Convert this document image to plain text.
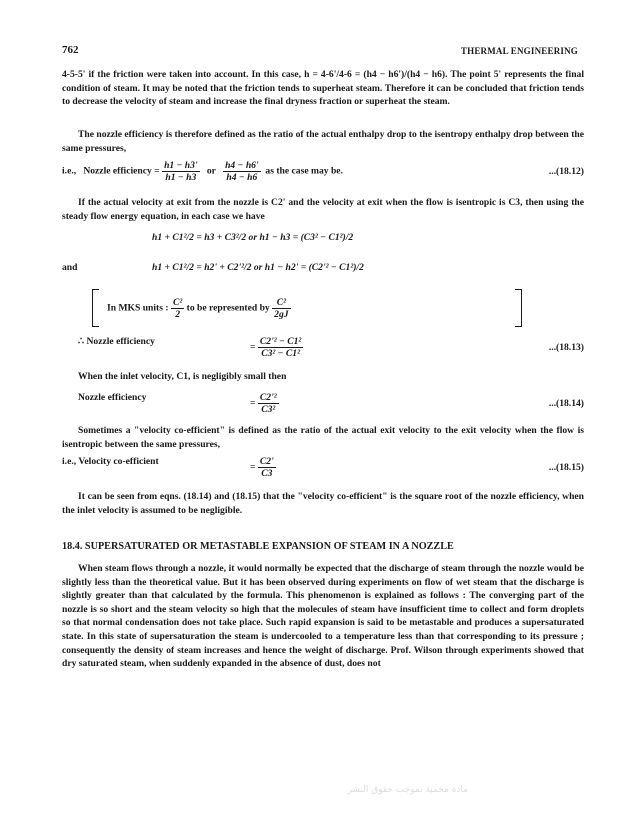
762	THERMAL ENGINEERING
4-5-5' if the friction were taken into account. In this case, h = 4-6'/4-6 = (h4 − h6')/(h4 − h6). The point 5' represents the final condition of steam. It may be noted that the friction tends to superheat steam. Therefore it can be concluded that friction tends to decrease the velocity of steam and increase the final dryness fraction or superheat the steam.
The nozzle efficiency is therefore defined as the ratio of the actual enthalpy drop to the isentropy enthalpy drop between the same pressures,
i.e., Nozzle efficiency = $\frac{h1 - h3'}{h1 - h3}$ or $\frac{h4 - h6'}{h4 - h6}$ as the case may be.	...(18.12)
If the actual velocity at exit from the nozzle is C2' and the velocity at exit when the flow is isentropic is C3, then using the steady flow energy equation, in each case we have
h1 + C1²/2 = h3 + C3²/2 or h1 − h3 = (C3² − C1²)/2
and	h1 + C1²/2 = h2' + C2'²/2 or h1 − h2' = (C2'² − C1²)/2
In MKS units : $\frac{\text{C²}}{2}$ to be represented by $\frac{\text{C²}}{2gJ}$
∴ Nozzle efficiency
= $\frac{\text{C2'² − C1²}}{\text{C3² − C1²}}$	...(18.13)
When the inlet velocity, C1, is negligibly small then
Nozzle efficiency
= $\frac{\text{C2'²}}{\text{C3²}}$	...(18.14)
Sometimes a "velocity co-efficient" is defined as the ratio of the actual exit velocity to the exit velocity when the flow is isentropic between the same pressures,
i.e., Velocity co-efficient
= $\frac{C2'}{C3}$	...(18.15)
It can be seen from eqns. (18.14) and (18.15) that the "velocity co-efficient" is the square root of the nozzle efficiency, when the inlet velocity is assumed to be negligible.
18.4. SUPERSATURATED OR METASTABLE EXPANSION OF STEAM IN A NOZZLE
When steam flows through a nozzle, it would normally be expected that the discharge of steam through the nozzle would be slightly less than the theoretical value. But it has been observed during experiments on flow of wet steam that the discharge is slightly greater than that calculated by the formula. This phenomenon is explained as follows : The converging part of the nozzle is so short and the steam velocity so high that the molecules of steam have insufficient time to collect and form droplets so that normal condensation does not take place. Such rapid expansion is said to be metastable and produces a supersaturated state. In this state of supersaturation the steam is undercooled to a temperature less than that corresponding to its pressure ; consequently the density of steam increases and hence the weight of discharge. Prof. Wilson through experiments showed that dry saturated steam, when suddenly expanded in the absence of dust, does not
مادة محمية بموجب حقوق النشر
